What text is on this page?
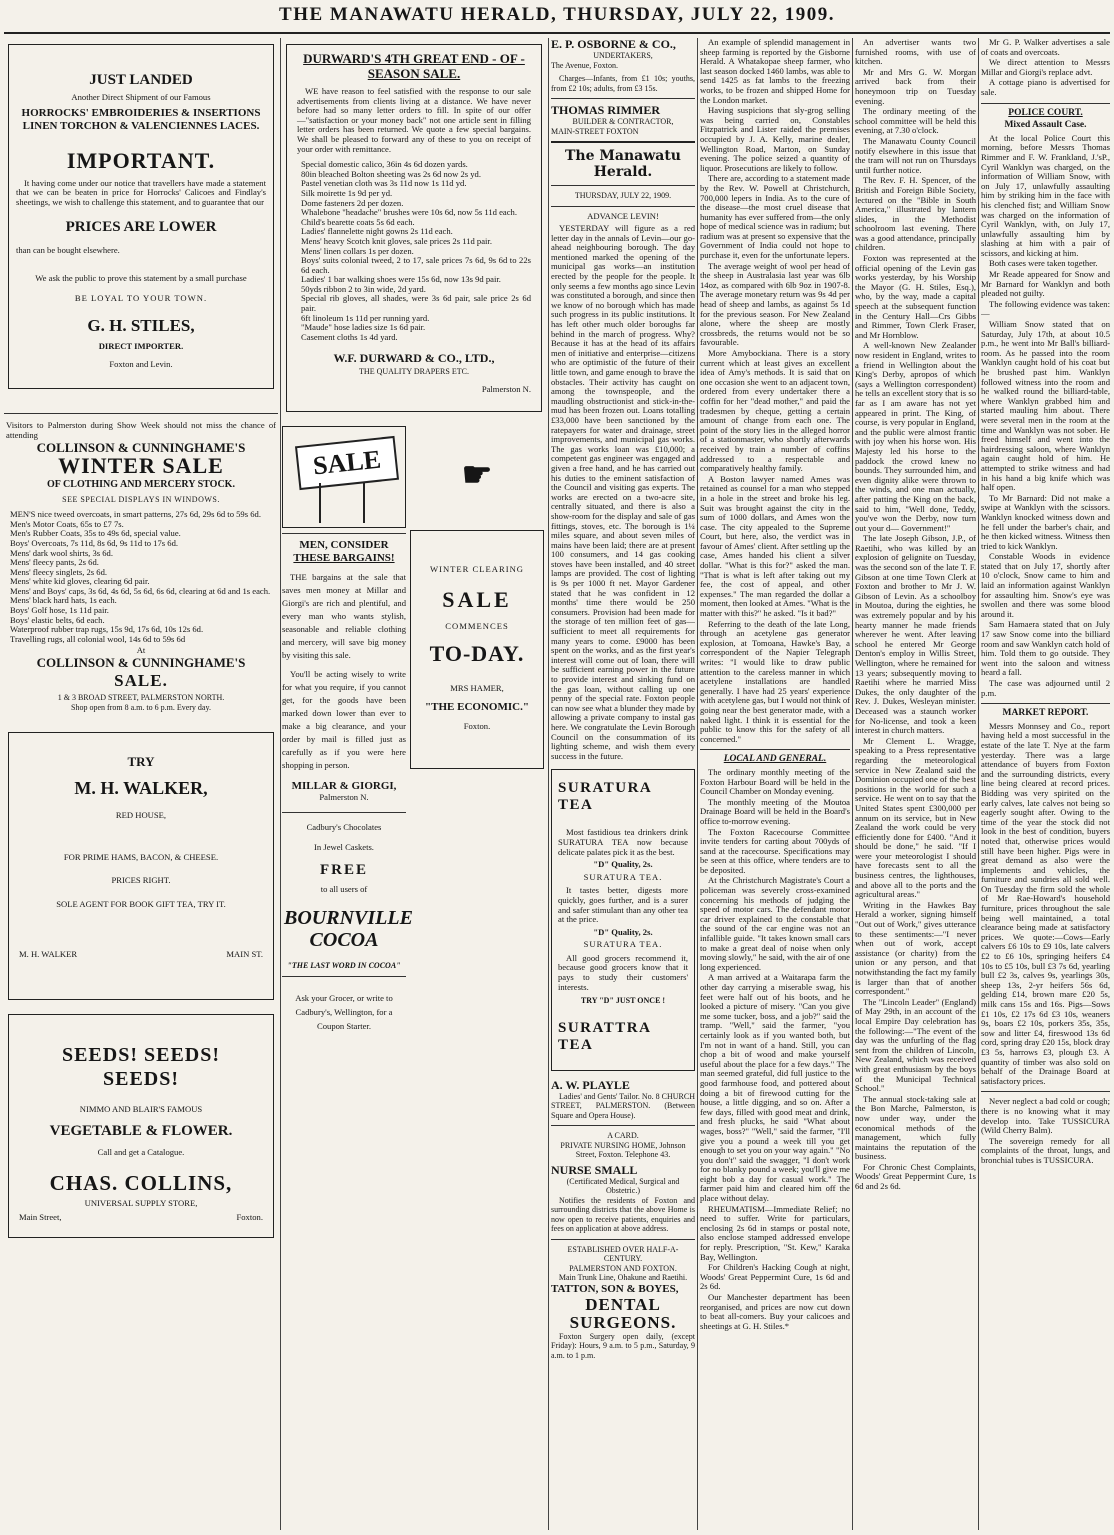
THE MANAWATU HERALD, THURSDAY, JULY 22, 1909.
JUST LANDED
Another Direct Shipment of our Famous
HORROCKS' EMBROIDERIES & INSERTIONS
LINEN TORCHON & VALENCIENNES LACES.
IMPORTANT.

It having come under our notice that travellers have made a statement that we can be beaten in price for Horrocks' Calicoes and Findlay's sheetings, we wish to challenge this statement, and to guarantee that our

PRICES ARE LOWER
than can be bought elsewhere.
We ask the public to prove this statement by a small purchase
BE LOYAL TO YOUR TOWN.
G. H. STILES,
DIRECT IMPORTER.
Foxton and Levin.
Visitors to Palmerston during Show Week should not miss the chance of attending
COLLINSON & CUNNINGHAME'S
WINTER SALE
OF CLOTHING AND MERCERY STOCK.
SEE SPECIAL DISPLAYS IN WINDOWS.
MEN'S nice tweed overcoats, in smart patterns, 27s 6d, 29s 6d to 59s 6d.
Men's Motor Coats, 65s to £7 7s.
Men's Rubber Coats, 35s to 49s 6d, special value.
Boys' Overcoats, 7s 11d, 8s 6d, 9s 11d to 17s 6d.
Mens' dark wool shirts, 3s 6d.
Mens' fleecy pants, 2s 6d.
Mens' fleecy singlets, 2s 6d.
Mens' white kid gloves, clearing 6d pair.
Mens' and Boys' caps, 3s 6d, 4s 6d, 5s 6d, 6s 6d, clearing at 6d and 1s each.
Mens' black hard hats, 1s each.
Boys' Golf hose, 1s 11d pair.
Boys' elastic belts, 6d each.
Waterproof rubber trap rugs, 15s 9d, 17s 6d, 10s 12s 6d.
Travelling rugs, all colonial wool, 14s 6d to 59s 6d
At
COLLINSON & CUNNINGHAME'S
SALE.
1 & 3 BROAD STREET, PALMERSTON NORTH.
Shop open from 8 a.m. to 6 p.m. Every day.
TRY
M. H. WALKER,
RED HOUSE,
FOR PRIME HAMS, BACON, & CHEESE.
PRICES RIGHT.
SOLE AGENT FOR BOOK GIFT TEA, TRY IT.
M. H. WALKER	MAIN ST.
SEEDS! SEEDS!
SEEDS!
NIMMO AND BLAIR'S FAMOUS
VEGETABLE & FLOWER.
Call and get a Catalogue.
CHAS. COLLINS,
UNIVERSAL SUPPLY STORE,
Main Street,	Foxton.
DURWARD'S 4TH GREAT END - OF - SEASON SALE.

WE have reason to feel satisfied with the response to our sale advertisements from clients living at a distance. We have never before had so many letter orders to fill. In spite of our offer—"satisfaction or your money back" not one article sent in filling letter orders has been returned. We quote a few special bargains. We shall be pleased to forward any of these to you on receipt of your order with remittance.

Special domestic calico, 36in 4s 6d dozen yards.
80in bleached Bolton sheeting was 2s 6d now 2s yd.
Pastel venetian cloth was 3s 11d now 1s 11d yd.
Silk moirette 1s 9d per yd.
Dome fasteners 2d per dozen.
Whalebone "headache" brushes were 10s 6d, now 5s 11d each.
Child's bearette coats 5s 6d each.
Ladies' flannelette night gowns 2s 11d each.
Mens' heavy Scotch knit gloves, sale prices 2s 11d pair.
Mens' linen collars 1s per dozen.
Boys' suits colonial tweed, 2 to 17, sale prices 7s 6d, 9s 6d to 22s 6d each.
Ladies' 1 bar walking shoes were 15s 6d, now 13s 9d pair.
50yds ribbon 2 to 3in wide, 2d yard.
Special rib gloves, all shades, were 3s 6d pair, sale price 2s 6d pair.
6ft linoleum 1s 11d per running yard.
"Maude" hose ladies size 1s 6d pair.
Casement cloths 1s 4d yard.
W.F. DURWARD & CO., LTD.,
THE QUALITY DRAPERS ETC.
Palmerston N.
SALE
MEN, CONSIDER
THESE BARGAINS!

THE bargains at the sale that saves men money at Millar and Giorgi's are rich and plentiful, and every man who wants stylish, seasonable and reliable clothing and mercery, will save big money by visiting this sale.

You'll be acting wisely to write for what you require, if you cannot get, for the goods have been marked down lower than ever to make a big clearance, and your order by mail is filled just as carefully as if you were here shopping in person.

MILLAR & GIORGI,
Palmerston N.
Cadbury's Chocolates
In Jewel Caskets.
FREE
to all users of
BOURNVILLE COCOA
"THE LAST WORD IN COCOA"

Ask your Grocer, or write to Cadbury's, Wellington, for a Coupon Starter.

☛
WINTER CLEARING
SALE
COMMENCES
TO-DAY.
MRS HAMER,
"THE ECONOMIC."
Foxton.
E. P. OSBORNE & CO.,
UNDERTAKERS,
The Avenue, Foxton.

Charges—Infants, from £1 10s; youths, from £2 10s; adults, from £3 15s.

THOMAS RIMMER
BUILDER & CONTRACTOR,
MAIN-STREET FOXTON
The Manawatu Herald.
THURSDAY, JULY 22, 1909.
ADVANCE LEVIN!

YESTERDAY will figure as a red letter day in the annals of Levin—our go-ahead neighbouring borough. The day mentioned marked the opening of the municipal gas works—an institution erected by the people for the people. It only seems a few months ago since Levin was constituted a borough, and since then we know of no borough which has made such progress in its public institutions. It has left other much older boroughs far behind in the march of progress. Why? Because it has at the head of its affairs men of initiative and enterprise—citizens who are optimistic of the future of their little town, and game enough to brave the obstacles. Their activity has caught on among the townspeople, and the maudling obstructionist and stick-in-the-mud has been frozen out. Loans totalling £33,000 have been sanctioned by the ratepayers for water and drainage, street improvements, and municipal gas works. The gas works loan was £10,000; a competent gas engineer was engaged and given a free hand, and he has carried out his duties to the eminent satisfaction of the Council and visiting gas experts. The works are erected on a two-acre site, centrally situated, and there is also a show-room for the display and sale of gas fittings, stoves, etc. The borough is 1¼ miles square, and about seven miles of mains have been laid; there are at present 100 consumers, and 14 gas cooking stoves have been installed, and 40 street lamps are provided. The cost of lighting is 9s per 1000 ft net. Mayor Gardener stated that he was confident in 12 months' time there would be 250 consumers. Provision had been made for the storage of ten million feet of gas—sufficient to meet all requirements for many years to come. £9000 has been spent on the works, and as the first year's interest will come out of loan, there will be sufficient earning power in the future to provide interest and sinking fund on the gas loan, without calling up one penny of the special rate. Foxton people can now see what a blunder they made by allowing a private company to instal gas here. We congratulate the Levin Borough Council on the consummation of its lighting scheme, and wish them every success in the future.

SURATURA TEA

Most fastidious tea drinkers drink SURATURA TEA now because delicate palates pick it as the best.

"D" Quality, 2s.
SURATURA TEA.

It tastes better, digests more quickly, goes further, and is a surer and safer stimulant than any other tea at the price.

"D" Quality, 2s.
SURATURA TEA.

All good grocers recommend it, because good grocers know that it pays to study their customers' interests.

TRY "D" JUST ONCE !
SURATTRA TEA
A. W. PLAYLE

Ladies' and Gents' Tailor. No. 8 CHURCH STREET, PALMERSTON. (Between Square and Opera House).

A CARD.

PRIVATE NURSING HOME, Johnson Street, Foxton. Telephone 43.

NURSE SMALL
(Certificated Medical, Surgical and Obstetric.)

Notifies the residents of Foxton and surrounding districts that the above Home is now open to receive patients, enquiries and fees on application at above address.

ESTABLISHED OVER HALF-A-CENTURY.
PALMERSTON AND FOXTON.
Main Trunk Line, Ohakune and Raetihi.
TATTON, SON & BOYES,
DENTAL SURGEONS.

Foxton Surgery open daily, (except Friday): Hours, 9 a.m. to 5 p.m., Saturday, 9 a.m. to 1 p.m.

An example of splendid management in sheep farming is reported by the Gisborne Herald. A Whatakopae sheep farmer, who last season docked 1460 lambs, was able to send 1425 as fat lambs to the freezing works, to be frozen and shipped Home for the London market.

Having suspicions that sly-grog selling was being carried on, Constables Fitzpatrick and Lister raided the premises occupied by J. A. Kelly, marine dealer, Wellington Road, Marton, on Sunday evening. The police seized a quantity of liquor. Prosecutions are likely to follow.

There are, according to a statement made by the Rev. W. Powell at Christchurch, 700,000 lepers in India. As to the cure of the disease—the most cruel disease that humanity has ever suffered from—the only hope of medical science was in radium; but radium was at present so expensive that the Government of India could not hope to purchase it, even for the unfortunate lepers.

The average weight of wool per head of the sheep in Australasia last year was 6lb 14oz, as compared with 6lb 9oz in 1907-8. The average monetary return was 9s 4d per head of sheep and lambs, as against 5s 1d for the previous season. For New Zealand alone, where the sheep are mostly crossbreds, the returns would not be so favourable.

More Amybockiana. There is a story current which at least gives an excellent idea of Amy's methods. It is said that on one occasion she went to an adjacent town, ordered from every undertaker there a coffin for her "dead mother," and paid the tradesmen by cheque, getting a certain amount of change from each one. The point of the story lies in the alleged horror of a stationmaster, who shortly afterwards received by train a number of coffins addressed to a respectable and comparatively healthy family.

A Boston lawyer named Ames was retained as counsel for a man who stepped in a hole in the street and broke his leg. Suit was brought against the city in the sum of 1000 dollars, and Ames won the case. The city appealed to the Supreme Court, but here, also, the verdict was in favour of Ames' client. After settling up the case, Ames handed his client a silver dollar. "What is this for?" asked the man. "That is what is left after taking out my fee, the cost of appeal, and other expenses." The man regarded the dollar a moment, then looked at Ames. "What is the matter with this?" he asked. "Is it bad?"

Referring to the death of the late Long, through an acetylene gas generator explosion, at Tomoana, Hawke's Bay, a correspondent of the Napier Telegraph writes: "I would like to draw public attention to the careless manner in which acetylene installations are handled generally. I have had 25 years' experience with acetylene gas, but I would not think of going near the best generator made, with a naked light. I think it is essential for the public to know this for the safety of all concerned."

LOCAL AND GENERAL.

The ordinary monthly meeting of the Foxton Harbour Board will be held in the Council Chamber on Monday evening.

The monthly meeting of the Moutoa Drainage Board will be held in the Board's office to-morrow evening.

The Foxton Racecourse Committee invite tenders for carting about 700yds of sand at the racecourse. Specifications may be seen at this office, where tenders are to be deposited.

At the Christchurch Magistrate's Court a policeman was severely cross-examined concerning his methods of judging the speed of motor cars. The defendant motor car driver explained to the constable that the sound of the car engine was not an infallible guide. "It takes known small cars to make a great deal of noise when only moving slowly," he said, with the air of one long experienced.

A man arrived at a Waitarapa farm the other day carrying a miserable swag, his feet were half out of his boots, and he looked a picture of misery. "Can you give me some tucker, boss, and a job?" said the tramp. "Well," said the farmer, "you certainly look as if you wanted both, but I'm not in want of a hand. Still, you can chop a bit of wood and make yourself useful about the place for a few days." The man seemed grateful, did full justice to the good farmhouse food, and pottered about doing a bit of firewood cutting for the house, a little digging, and so on. After a few days, filled with good meat and drink, and fresh plucks, he said "What about wages, boss?" "Well," said the farmer, "I'll give you a pound a week till you get enough to set you on your way again." "No you don't" said the swagger, "I don't work for no blanky pound a week; you'll give me eight bob a day for casual work." The farmer paid him and cleared him off the place without delay.

RHEUMATISM—Immediate Relief; no need to suffer. Write for particulars, enclosing 2s 6d in stamps or postal note, also enclose stamped addressed envelope for reply. Prescription, "St. Kew," Karaka Bay, Wellington.

For Children's Hacking Cough at night, Woods' Great Peppermint Cure, 1s 6d and 2s 6d.

Our Manchester department has been reorganised, and prices are now cut down to beat all-comers. Buy your calicoes and sheetings at G. H. Stiles.*

An advertiser wants two furnished rooms, with use of kitchen.

Mr and Mrs G. W. Morgan arrived back from their honeymoon trip on Tuesday evening.

The ordinary meeting of the school committee will be held this evening, at 7.30 o'clock.

The Manawatu County Council notify elsewhere in this issue that the tram will not run on Thursdays until further notice.

The Rev. F. H. Spencer, of the British and Foreign Bible Society, lectured on the "Bible in South America," illustrated by lantern slides, in the Methodist schoolroom last evening. There was a good attendance, principally children.

Foxton was represented at the official opening of the Levin gas works yesterday, by his Worship the Mayor (G. H. Stiles, Esq.), who, by the way, made a capital speech at the subsequent function in the Century Hall—Crs Gibbs and Rimmer, Town Clerk Fraser, and Mr Hornblow.

A well-known New Zealander now resident in England, writes to a friend in Wellington about the King's Derby, apropos of which (says a Wellington correspondent) he tells an excellent story that is so far as I am aware has not yet appeared in print. The King, of course, is very popular in England, and the public were almost frantic with joy when his horse won. His Majesty led his horse to the paddock the crowd knew no bounds. They surrounded him, and even dignity alike were thrown to the winds, and one man actually, after patting the King on the back, said to him, "Well done, Teddy, you've won the Derby, now turn out your d— Government!"

The late Joseph Gibson, J.P., of Raetihi, who was killed by an explosion of gelignite on Tuesday, was the second son of the late T. F. Gibson at one time Town Clerk at Foxton and brother to Mr J. W. Gibson of Levin. As a schoolboy in Moutoa, during the eighties, he was extremely popular and by his hearty manner he made friends wherever he went. After leaving school he entered Mr George Denton's employ in Willis Street, Wellington, where he remained for 13 years; subsequently moving to Raetihi where he married Miss Dukes, the only daughter of the Rev. J. Dukes, Wesleyan minister. Deceased was a staunch worker for No-license, and took a keen interest in church matters.

Mr Clement L. Wragge, speaking to a Press representative regarding the meteorological service in New Zealand said the Dominion occupied one of the best positions in the world for such a service. He went on to say that the United States spent £300,000 per annum on its service, but in New Zealand the work could be very efficiently done for £400. "And it should be done," he said. "If I were your meteorologist I should have forecasts sent to all the business centres, the lighthouses, and above all to the ports and the agricultural areas."

Writing in the Hawkes Bay Herald a worker, signing himself "Out out of Work," gives utterance to these sentiments:—"I never when out of work, accept assistance (or charity) from the union or any person, and that notwithstanding the fact my family is larger than that of another correspondent."

The "Lincoln Leader" (England) of May 29th, in an account of the local Empire Day celebration has the following:—"The event of the day was the unfurling of the flag sent from the children of Lincoln, New Zealand, which was received with great enthusiasm by the boys of the Municipal Technical School."

The annual stock-taking sale at the Bon Marche, Palmerston, is now under way, under the economical methods of the management, which fully maintains the reputation of the business.

For Chronic Chest Complaints, Woods' Great Peppermint Cure, 1s 6d and 2s 6d.

Mr G. P. Walker advertises a sale of coats and overcoats.

We direct attention to Messrs Millar and Giorgi's replace advt.

A cottage piano is advertised for sale.

POLICE COURT.
Mixed Assault Case.

At the local Police Court this morning, before Messrs Thomas Rimmer and F. W. Frankland, J.'sP., Cyril Wanklyn was charged, on the information of William Snow, with on July 17, unlawfully assaulting him by striking him in the face with his clenched fist; and William Snow was charged on the information of Cyril Wanklyn, with, on July 17, unlawfully assaulting him by slashing at him with a pair of scissors, and kicking at him.

Both cases were taken together.

Mr Reade appeared for Snow and Mr Barnard for Wanklyn and both pleaded not guilty.

The following evidence was taken:—

William Snow stated that on Saturday, July 17th, at about 10.5 p.m., he went into Mr Ball's billiard-room. As he passed into the room Wanklyn caught hold of his coat but he brushed past him. Wanklyn followed witness into the room and he walked round the billiard-table, where Wanklyn grabbed him and started mauling him about. There were several men in the room at the time and Wanklyn was not sober. He freed himself and went into the hairdressing saloon, where Wanklyn again caught hold of him. He attempted to strike witness and had in his hand a big knife which was half open.

To Mr Barnard: Did not make a swipe at Wanklyn with the scissors. Wanklyn knocked witness down and he fell under the barber's chair, and he then kicked witness. Witness then tried to kick Wanklyn.

Constable Woods in evidence stated that on July 17, shortly after 10 o'clock, Snow came to him and laid an information against Wanklyn for assaulting him. Snow's eye was swollen and there was some blood around it.

Sam Hamaera stated that on July 17 saw Snow come into the billiard room and saw Wanklyn catch hold of him. Told them to go outside. They went into the saloon and witness heard a fall.

The case was adjourned until 2 p.m.

MARKET REPORT.

Messrs Monnsey and Co., report having held a most successful in the estate of the late T. Nye at the farm yesterday. There was a large attendance of buyers from Foxton and the surrounding districts, every line being cleared at record prices. Bidding was very spirited on the early calves, late calves not being so eagerly sought after. Owing to the time of the year the stock did not look in the best of condition, buyers noted that, otherwise prices would still have been higher. Pigs were in great demand as also were the implements and vehicles, the furniture and sundries all sold well. On Tuesday the firm sold the whole of Mr Rae-Howard's household furniture, prices throughout the sale being well maintained, a total clearance being made at satisfactory prices. We quote:—Cows—Early calvers £6 10s to £9 10s, late calvers £2 to £6 10s, springing heifers £4 10s to £5 10s, bull £3 7s 6d, yearling bull £2 3s, calves 9s, yearlings 30s, sheep 13s, 2-yr heifers 56s 6d, gelding £14, brown mare £20 5s, milk cans 15s and 16s. Pigs—Sows £1 10s, £2 17s 6d £3 10s, weaners 9s, boars £2 10s, porkers 35s, 35s, sow and litter £4, fireswood 13s 6d cord, spring dray £20 15s, block dray £3 5s, harrows £3, plough £3. A quantity of timber was also sold on behalf of the Drainage Board at satisfactory prices.

Never neglect a bad cold or cough; there is no knowing what it may develop into. Take TUSSICURA (Wild Cherry Balm).

The sovereign remedy for all complaints of the throat, lungs, and bronchial tubes is TUSSICURA.
